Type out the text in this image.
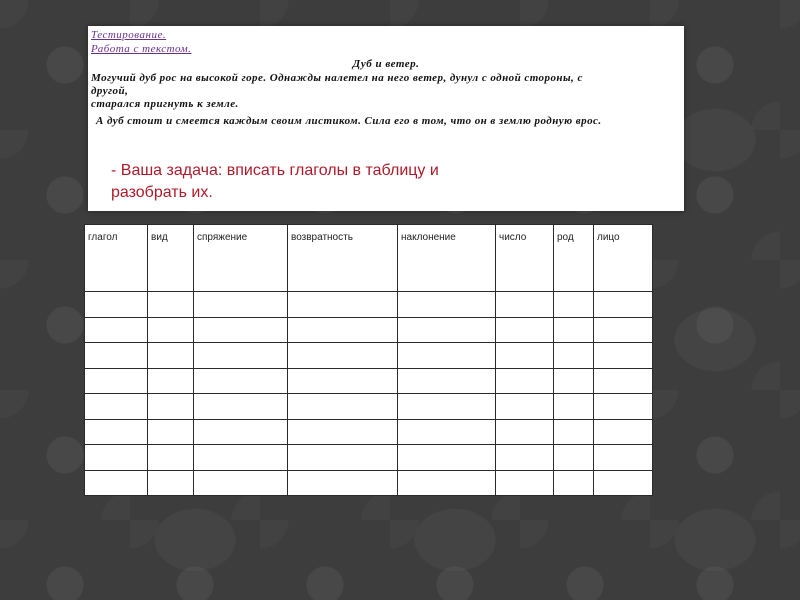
Тестирование.
Работа с текстом.
Дуб и ветер.
Могучий дуб рос на высокой горе. Однажды налетел на него ветер, дунул с одной стороны, с
другой,
старался пригнуть к земле.
А дуб стоит и смеется каждым своим листиком. Сила его в том, что он в землю родную врос.
- Ваша задача: вписать глаголы в таблицу и
разобрать их.
глагол	вид	спряжение	возвратность	наклонение	число	род	лицо
